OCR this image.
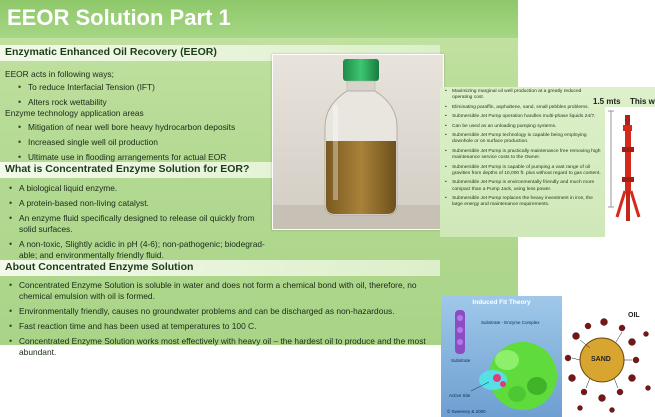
EEOR Solution Part 1
Enzymatic Enhanced Oil Recovery (EEOR)
EEOR acts in following ways;
• To reduce Interfacial Tension (IFT)
• Alters rock wettability
Enzyme technology application areas
• Mitigation of near well bore heavy hydrocarbon deposits
• Increased single well oil production
• Ultimate use in flooding arrangements for actual EOR
What is Concentrated Enzyme Solution for EOR?
• A biological liquid enzyme.
• A protein-based non-living catalyst.
• An enzyme fluid specifically designed to release oil quickly from solid surfaces.
• A non-toxic, Slightly acidic in pH (4-6); non-pathogenic; biodegrad-able; and environmentally friendly fluid.
About Concentrated Enzyme Solution
• Concentrated Enzyme Solution is soluble in water and does not form a chemical bond with oil, therefore, no chemical emulsion with oil is formed.
• Environmentally friendly, causes no groundwater problems and can be discharged as non-hazardous.
• Fast reaction time and has been used at temperatures to 100 C.
• Concentrated Enzyme Solution works most effectively with heavy oil – the hardest oil to produce and the most abundant.
• Maximizing marginal oil well production at a greatly reduced operating cost.
• Eliminating paraffin, asphaltene, sand, small pebbles problems.
• Submersible Jet Pump operation handles multi-phase liquids 24/7.
• Can be used as an unloading pumping systems.
• Submersible Jet Pump technology is capable being employing downhole or on surface production.
• Submersible Jet Pump is practically maintenance free removing high maintenance service costs to the Owner.
• Submersible Jet Pump is capable of pumping a vast range of oil gravities from depths of 10,000 ft. plus without regard to gas content.
• Submersible Jet Pump is environmentally friendly and much more compact than a Pump Jack, using less power.
• Submersible Jet Pump replaces the heavy investment in iron, the large energy and maintenance requirements.
1.5 mts This w
Induced Fit Theory
Substrate - Enzyme Complex
Substrate
Active Site
© Sweeney & 2000
SAND
OIL
